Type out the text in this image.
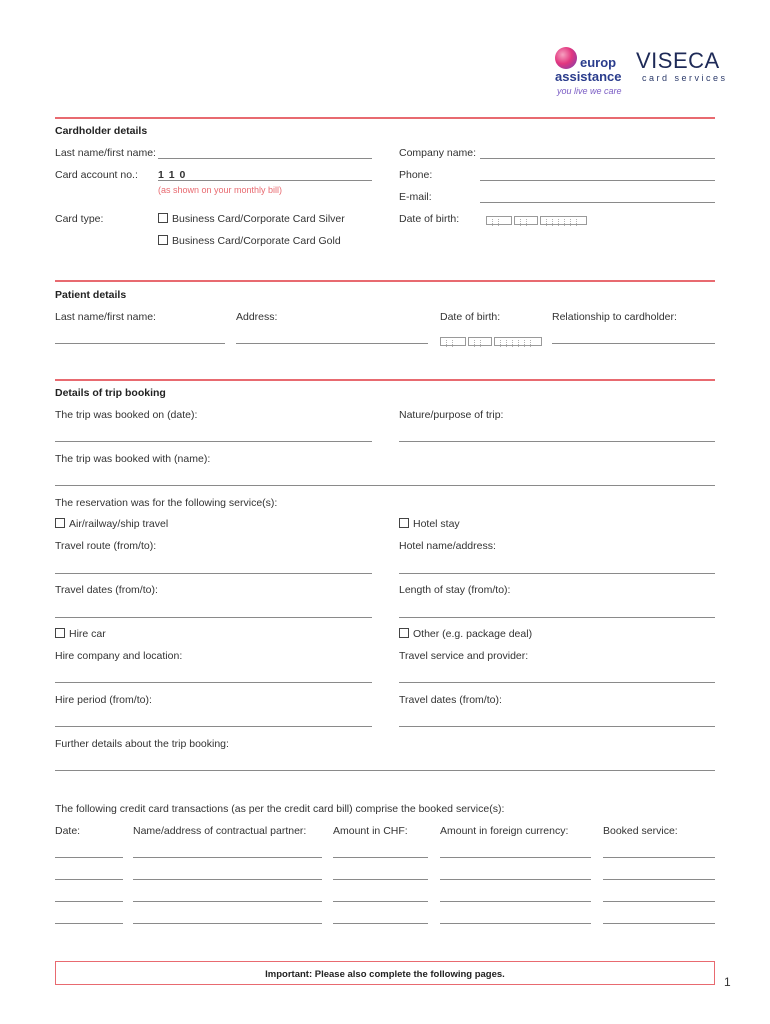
europ
assistance
you live we care
VISECA
card services
Cardholder details
Last name/first name:	Company name:
Card account no.: 1 1 0
(as shown on your monthly bill)
Phone:
E-mail:
Card type:	Business Card/Corporate Card Silver
Business Card/Corporate Card Gold
Date of birth:
Patient details
Last name/first name:	Address:	Date of birth:	Relationship to cardholder:
Details of trip booking
The trip was booked on (date):	Nature/purpose of trip:
The trip was booked with (name):
The reservation was for the following service(s):
Air/railway/ship travel	Hotel stay
Travel route (from/to):	Hotel name/address:
Travel dates (from/to):	Length of stay (from/to):
Hire car	Other (e.g. package deal)
Hire company and location:	Travel service and provider:
Hire period (from/to):	Travel dates (from/to):
Further details about the trip booking:
The following credit card transactions (as per the credit card bill) comprise the booked service(s):
Date:	Name/address of contractual partner:	Amount in CHF:	Amount in foreign currency:	Booked service:
Important: Please also complete the following pages.
1
